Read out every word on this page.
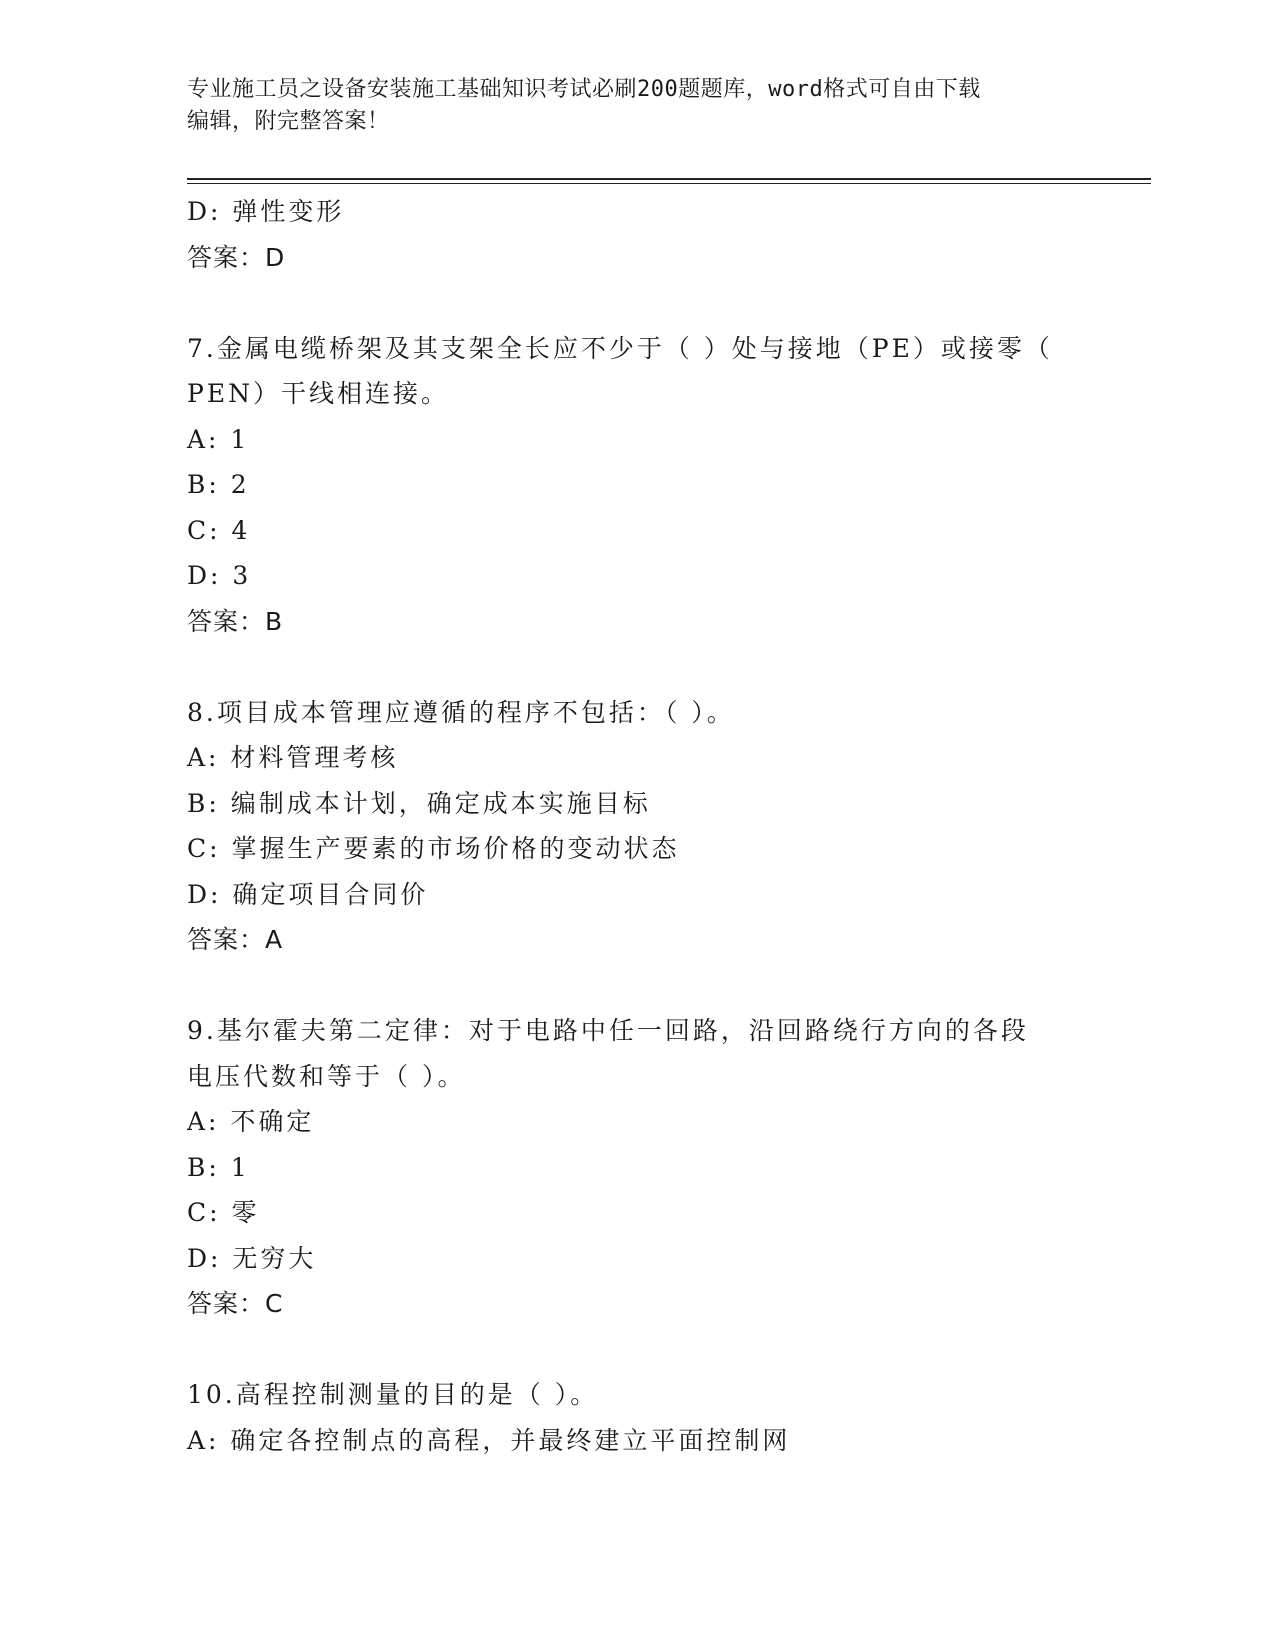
专业施工员之设备安装施工基础知识考试必刷200题题库，word格式可自由下载
编辑，附完整答案！
D: 弹性变形
答案：D
7.金属电缆桥架及其支架全长应不少于（ ）处与接地（PE）或接零（
PEN）干线相连接。
A: 1
B: 2
C: 4
D: 3
答案：B
8.项目成本管理应遵循的程序不包括：（ ）。
A: 材料管理考核
B: 编制成本计划，确定成本实施目标
C: 掌握生产要素的市场价格的变动状态
D: 确定项目合同价
答案：A
9.基尔霍夫第二定律：对于电路中任一回路，沿回路绕行方向的各段
电压代数和等于（ ）。
A: 不确定
B: 1
C: 零
D: 无穷大
答案：C
10.高程控制测量的目的是（ ）。
A: 确定各控制点的高程，并最终建立平面控制网
